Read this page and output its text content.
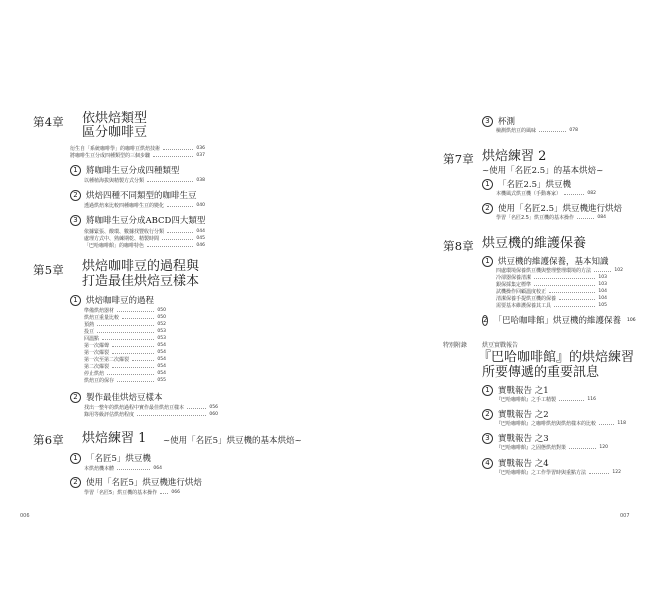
第4章 依烘焙類型
區分咖啡豆
衍生自「系統咖啡學」的咖啡豆烘焙技術	036
將咖啡生豆分成四種類型的三個步驟	037
1 將咖啡生豆分成四種類型
以種植海拔與精製方式分類	038
2 烘焙四種不同類型的咖啡生豆
透過烘焙來比較四種咖啡生豆的變化	040
3 將咖啡生豆分成ABCD四大類型
依據緊張、酸環、數據找豐收行分類	044
處理方式中、熟練期乾、精製時間	045
「巴哈咖啡館」的咖啡特色	046
第5章 烘焙咖啡豆的過程與
打造最佳烘焙豆樣本
1 烘焙咖啡豆的過程
準備烘焙器材	050
烘焙豆重量比較	050
預熱	052
投豆	053
回溫點	053
第一次爆聲	054
第一次爆裂	054
第一次至第二次爆裂	054
第二次爆裂	054
停止烘焙	054
烘焙豆的保存	055
2 製作最佳烘焙豆樣本
找出一整年的烘焙過程中實作最佳烘焙豆樣本	056
錄用等級評估烘焙程度	060
第6章 烘焙練習 1 ~使用「名匠5」烘豆機的基本烘焙~
1 「名匠5」烘豆機
本烘焙機本體	064
2 使用「名匠5」烘豆機進行烘焙
學習「名匠5」烘豆機的基本操作	066
006
3 杯測
檢測烘焙豆的風味	078
第7章 烘焙練習 2
~使用「名匠2.5」的基本烘焙~
1 「名匠2.5」烘豆機
本機風式烘豆機（手動專家）	082
2 使用「名匠2.5」烘豆機進行烘焙
學習「名匠2.5」烘豆機的基本操作	084
第8章 烘豆機的維護保養
1 烘豆機的維護保養，基本知識
四處環境保養烘豆機與整理整理環境的方法	102
冷卻器保養清潔	103
銀保採集定標準	103
試機操作回顧溫度校正	104
清潔保養手提烘豆機的保養	104
需要基本維護保養其工具	105
2 「巴哈咖啡館」烘豆機的維護保養 106
特別附錄 烘豆實戰報告
『巴哈咖啡館』的烘焙練習
所要傳遞的重要訊息
1 實戰報告 之1
『巴哈咖啡館』之手工精製	116
2 實戰報告 之2
『巴哈咖啡館』之咖啡烘焙與烘焙樣本的比較	118
3 實戰報告 之3
『巴哈咖啡館』之固態烘焙對策	120
4 實戰報告 之4
『巴哈咖啡館』之工作學習時與重點方法	122
007
